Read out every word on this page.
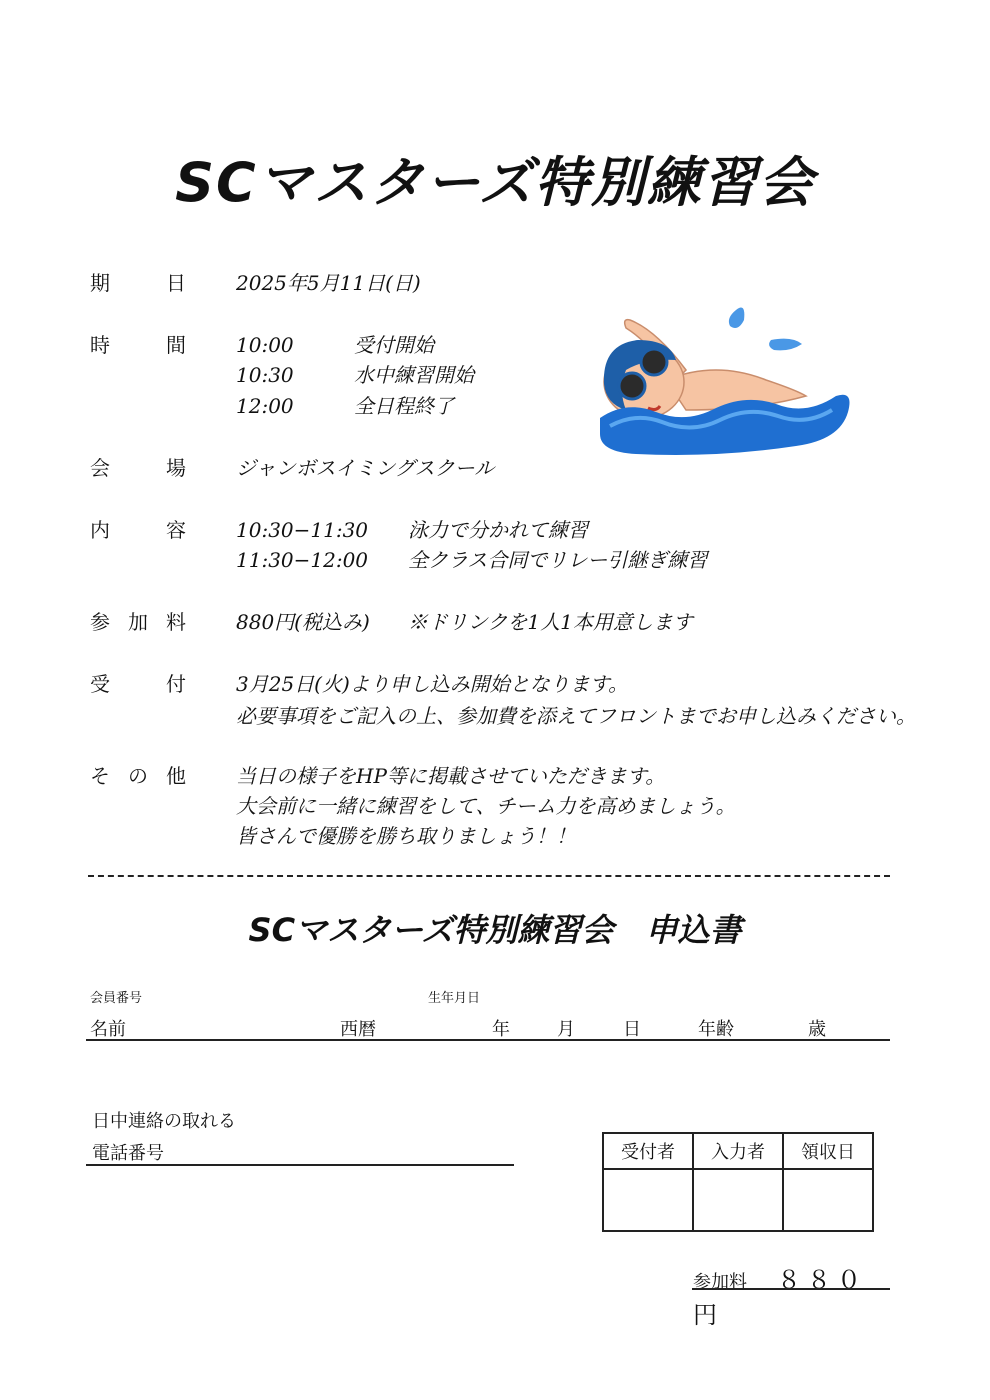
SCマスターズ特別練習会
期	日 2025年5月11日(日)
時	間 10:00	受付開始
10:30	水中練習開始
12:00	全日程終了
会	場 ジャンボスイミングスクール
内	容 10:30−11:30 泳力で分かれて練習
11:30−12:00 全クラス合同でリレー引継ぎ練習
参 加 料 880円(税込み) ※ドリンクを1人1本用意します
受	付 3月25日(火)より申し込み開始となります。
必要事項をご記入の上、参加費を添えてフロントまでお申し込みください。
そ の 他 当日の様子をHP等に掲載させていただきます。
大会前に一緒に練習をして、チーム力を高めましょう。
皆さんで優勝を勝ち取りましょう！！
SCマスターズ特別練習会　申込書
会員番号	生年月日
名前	西暦	年	月	日	年齢	歳
日中連絡の取れる
電話番号	受付者	入力者	領収日

参加料 ８８０円
